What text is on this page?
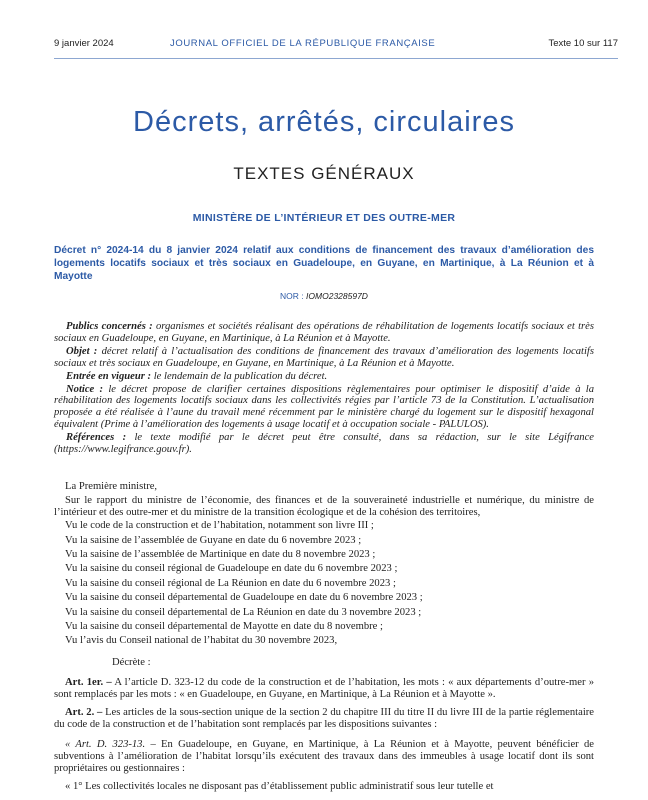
9 janvier 2024	JOURNAL OFFICIEL DE LA RÉPUBLIQUE FRANÇAISE	Texte 10 sur 117
Décrets, arrêtés, circulaires
TEXTES GÉNÉRAUX
MINISTÈRE DE L’INTÉRIEUR ET DES OUTRE-MER
Décret n° 2024-14 du 8 janvier 2024 relatif aux conditions de financement des travaux d’amélioration des logements locatifs sociaux et très sociaux en Guadeloupe, en Guyane, en Martinique, à La Réunion et à Mayotte
NOR : IOMO2328597D

Publics concernés : organismes et sociétés réalisant des opérations de réhabilitation de logements locatifs sociaux et très sociaux en Guadeloupe, en Guyane, en Martinique, à La Réunion et à Mayotte.

Objet : décret relatif à l’actualisation des conditions de financement des travaux d’amélioration des logements locatifs sociaux et très sociaux en Guadeloupe, en Guyane, en Martinique, à La Réunion et à Mayotte.

Entrée en vigueur : le lendemain de la publication du décret.

Notice : le décret propose de clarifier certaines dispositions règlementaires pour optimiser le dispositif d’aide à la réhabilitation des logements locatifs sociaux dans les collectivités régies par l’article 73 de la Constitution. L’actualisation proposée a été réalisée à l’aune du travail mené récemment par le ministère chargé du logement sur le dispositif hexagonal équivalent (Prime à l’amélioration des logements à usage locatif et à occupation sociale - PALULOS).

Références : le texte modifié par le décret peut être consulté, dans sa rédaction, sur le site Légifrance (https://www.legifrance.gouv.fr).

La Première ministre,

Sur le rapport du ministre de l’économie, des finances et de la souveraineté industrielle et numérique, du ministre de l’intérieur et des outre-mer et du ministre de la transition écologique et de la cohésion des territoires,

Vu le code de la construction et de l’habitation, notamment son livre III ;

Vu la saisine de l’assemblée de Guyane en date du 6 novembre 2023 ;

Vu la saisine de l’assemblée de Martinique en date du 8 novembre 2023 ;

Vu la saisine du conseil régional de Guadeloupe en date du 6 novembre 2023 ;

Vu la saisine du conseil régional de La Réunion en date du 6 novembre 2023 ;

Vu la saisine du conseil départemental de Guadeloupe en date du 6 novembre 2023 ;

Vu la saisine du conseil départemental de La Réunion en date du 3 novembre 2023 ;

Vu la saisine du conseil départemental de Mayotte en date du 8 novembre ;

Vu l’avis du Conseil national de l’habitat du 30 novembre 2023,

Décrète :

Art. 1er. – A l’article D. 323-12 du code de la construction et de l’habitation, les mots : « aux départements d’outre-mer » sont remplacés par les mots : « en Guadeloupe, en Guyane, en Martinique, à La Réunion et à Mayotte ».

Art. 2. – Les articles de la sous-section unique de la section 2 du chapitre III du titre II du livre III de la partie réglementaire du code de la construction et de l’habitation sont remplacés par les dispositions suivantes :

« Art. D. 323-13. – En Guadeloupe, en Guyane, en Martinique, à La Réunion et à Mayotte, peuvent bénéficier de subventions à l’amélioration de l’habitat lorsqu’ils exécutent des travaux dans des immeubles à usage locatif dont ils sont propriétaires ou gestionnaires :

« 1° Les collectivités locales ne disposant pas d’établissement public administratif sous leur tutelle et
